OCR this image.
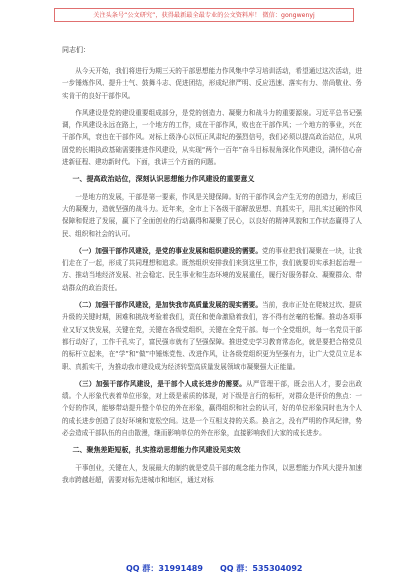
关注头条号“公文研究”，获得最新最全最专业的公文资料库！ 微信：gongwenyj
同志们：

从今天开始，我们将进行为期三天的干部思想能力作风集中学习培训活动，希望通过这次活动，进一步锤炼作风、提升士气、鼓舞斗志、促进团结，形成纪律严明、反应迅速、落实有力、崇尚敬业、务实肯干的良好干部作风。

作风建设是党的建设重要组成部分，是党的创造力、凝聚力和战斗力的重要源泉。习近平总书记强调，作风建设永远在路上，一个地方的工作，成在干部作风，败也在干部作风；一个地方的事业，兴在干部作风，衰也在干部作风。对标上级净心以恒正风肃纪的强烈信号，我们必须以提高政治站位，从巩固党的长期执政基础需要推进作风建设，从实现“两个一百年”奋斗目标视角深化作风建设，满怀信心奋进新征程、建功新时代。下面，我讲三个方面的问题。

一、提高政治站位，深刻认识思想能力作风建设的重要意义

一是地方的发展，干部是第一要素，作风是关键保障。好的干部作风会产生无穷的创造力，形成巨大的凝聚力，造就坚强的战斗力。近年来，全市上下各级干部解放思想、真抓实干，用扎实过硬的作风保障和促进了发展，赢下了全面创业的行动赢得和凝聚了民心，以良好的精神风貌和工作状态赢得了人民、组织和社会的认可。

（一）加强干部作风建设，是党的事业发展和组织建设的需要。党的事业把我们凝聚在一块，让我们走在了一起，形成了共同理想和追求。既然组织安排我们来到这里工作，我们就要切实承担起治理一方、推动当地经济发展、社会稳定、民生事业和生态环境的发展重任，履行好服务群众、凝聚群众、带动群众的政治责任。

（二）加强干部作风建设，是加快我市高质量发展的现实需要。当前，我市正处在爬坡过坎、提质升级的关键时期，困难和挑战考验着我们，责任和使命激励着我们，容不得有丝毫的松懈。推动各项事业又好又快发展，关键在党，关键在各级党组织，关键在全党干部。每一个全党组织，每一名党员干部都行动好了，工作千孔实了，富民强市就有了坚强保障。推进党史学习教育常态化，就是要把合格党员的标杆立起来，在“学”和“做”中锤炼党性、改进作风，让各级党组织更为坚强有力，让广大党员立足本职、真抓实干，为推动我市建设成为经济转型高质量发展领域市凝聚强大正能量。

（三）加强干部作风建设，是干部个人成长进步的需要。从严管理干部，既会出人才，要会出政绩。个人形象代表着单位形象，对上级是素质的体现，对下级是言行的标杆，对群众是评价的焦点：一个好的作风，能够带动提升整个单位的外在形象，赢得组织和社会的认可，好的单位形象同时也为个人的成长进步创造了良好环境和宽松空间。这是一个互相支持的关系。换言之，没有严明的作风纪律，势必会造成干部队伍的自由散漫，继而影响单位的外在形象，直接影响我们大家的成长进步。

二、聚焦差距短板，扎实推动思想能力作风建设见实效

干事创业，关键在人，发展最大的制约就是党员干部的观念能力作风，以思想能力作风大提升加速我市跨越赶超，需要对标先进城市和地区，通过对标

QQ 群：31991489 QQ 群：535304092
